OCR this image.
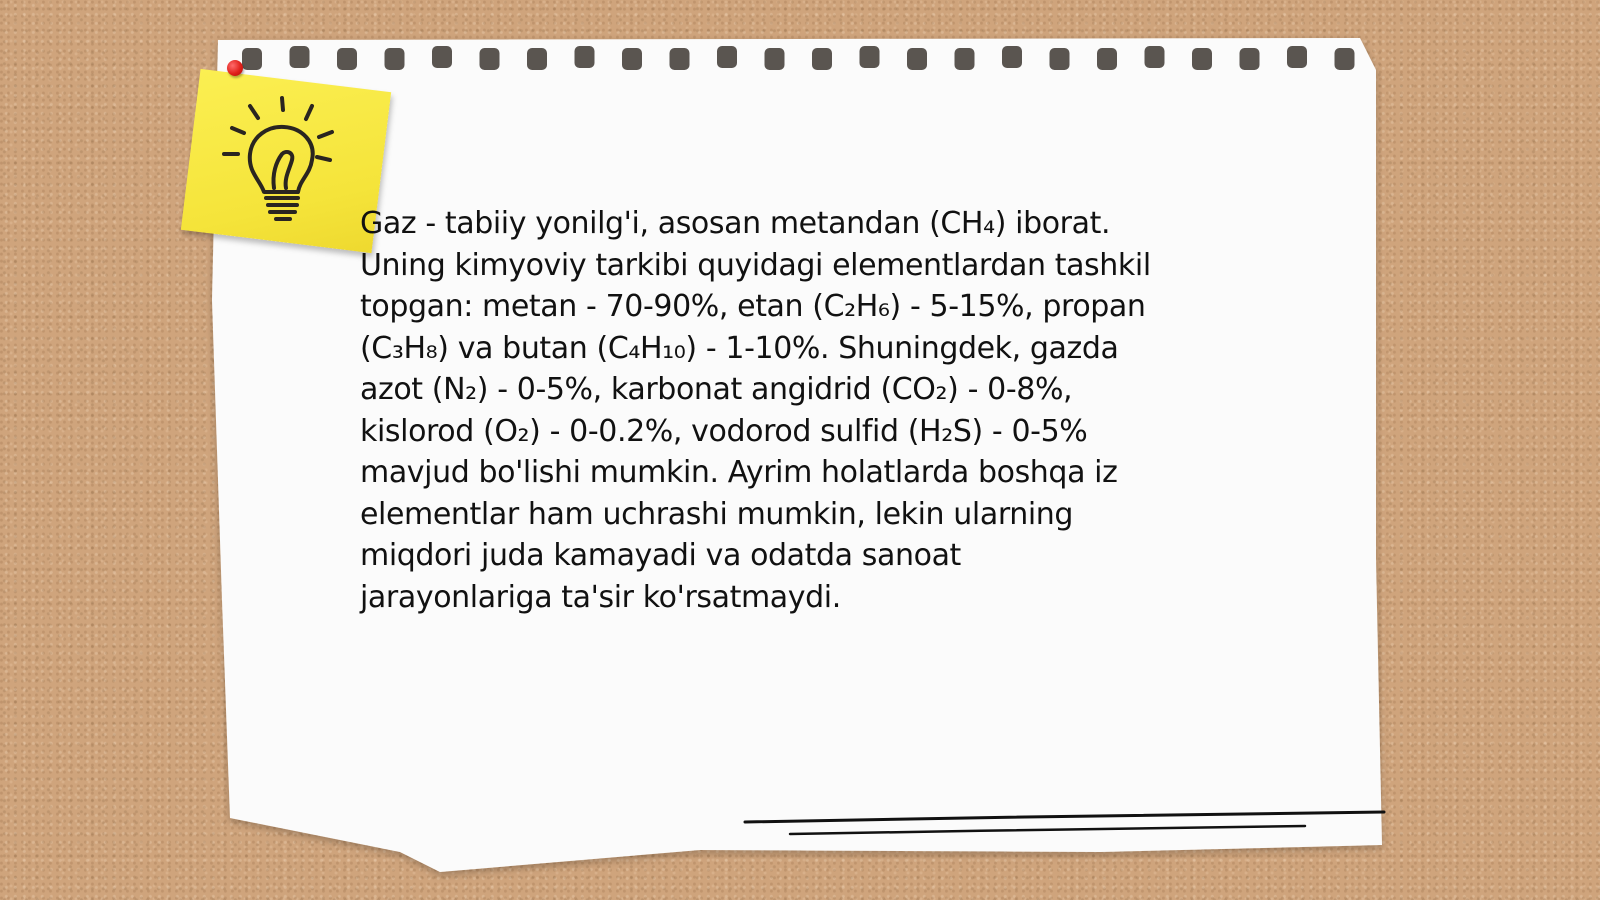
Gaz - tabiiy yonilg'i, asosan metandan (CH₄) iborat.
Uning kimyoviy tarkibi quyidagi elementlardan tashkil
topgan: metan - 70-90%, etan (C₂H₆) - 5-15%, propan
(C₃H₈) va butan (C₄H₁₀) - 1-10%. Shuningdek, gazda
azot (N₂) - 0-5%, karbonat angidrid (CO₂) - 0-8%,
kislorod (O₂) - 0-0.2%, vodorod sulfid (H₂S) - 0-5%
mavjud bo'lishi mumkin. Ayrim holatlarda boshqa iz
elementlar ham uchrashi mumkin, lekin ularning
miqdori juda kamayadi va odatda sanoat
jarayonlariga ta'sir ko'rsatmaydi.
